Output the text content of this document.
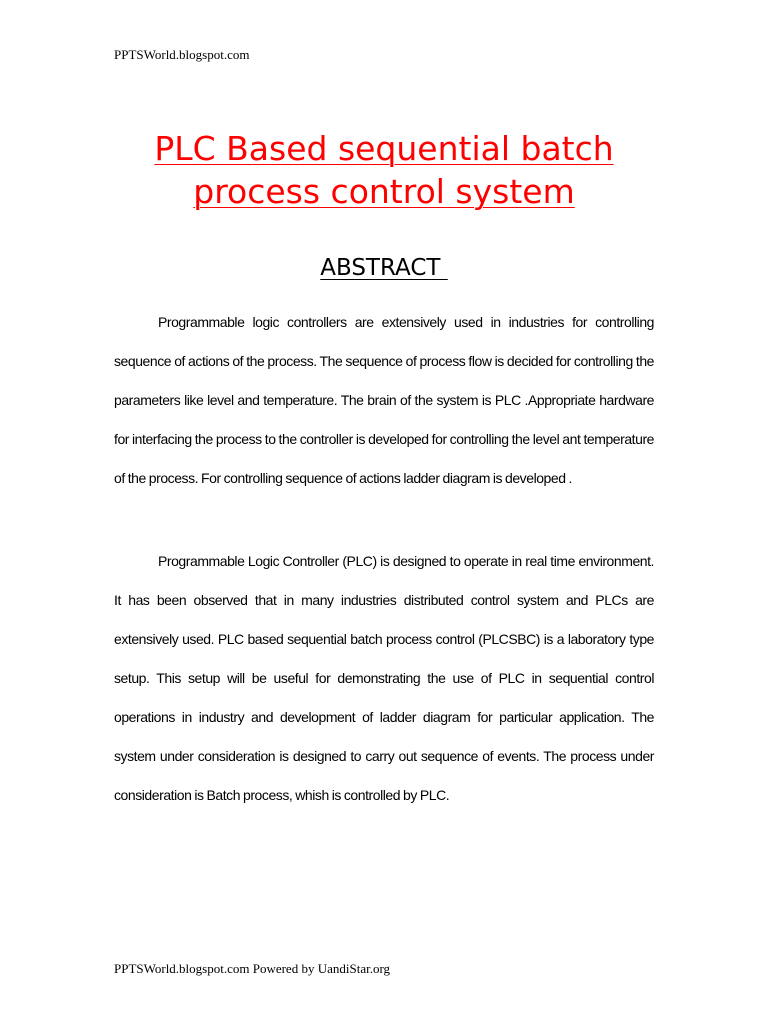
PPTSWorld.blogspot.com
PLC Based sequential batch process control system
ABSTRACT

Programmable logic controllers are extensively used in industries for controlling sequence of actions of the process. The sequence of process flow is decided for controlling the parameters like level and temperature. The brain of the system is PLC .Appropriate hardware for interfacing the process to the controller is developed for controlling the level ant temperature of the process. For controlling sequence of actions ladder diagram is developed .

Programmable Logic Controller (PLC) is designed to operate in real time environment. It has been observed that in many industries distributed control system and PLCs are extensively used. PLC based sequential batch process control (PLCSBC) is a laboratory type setup. This setup will be useful for demonstrating the use of PLC in sequential control operations in industry and development of ladder diagram for particular application. The system under consideration is designed to carry out sequence of events. The process under consideration is Batch process, whish is controlled by PLC.

PPTSWorld.blogspot.com Powered by UandiStar.org
